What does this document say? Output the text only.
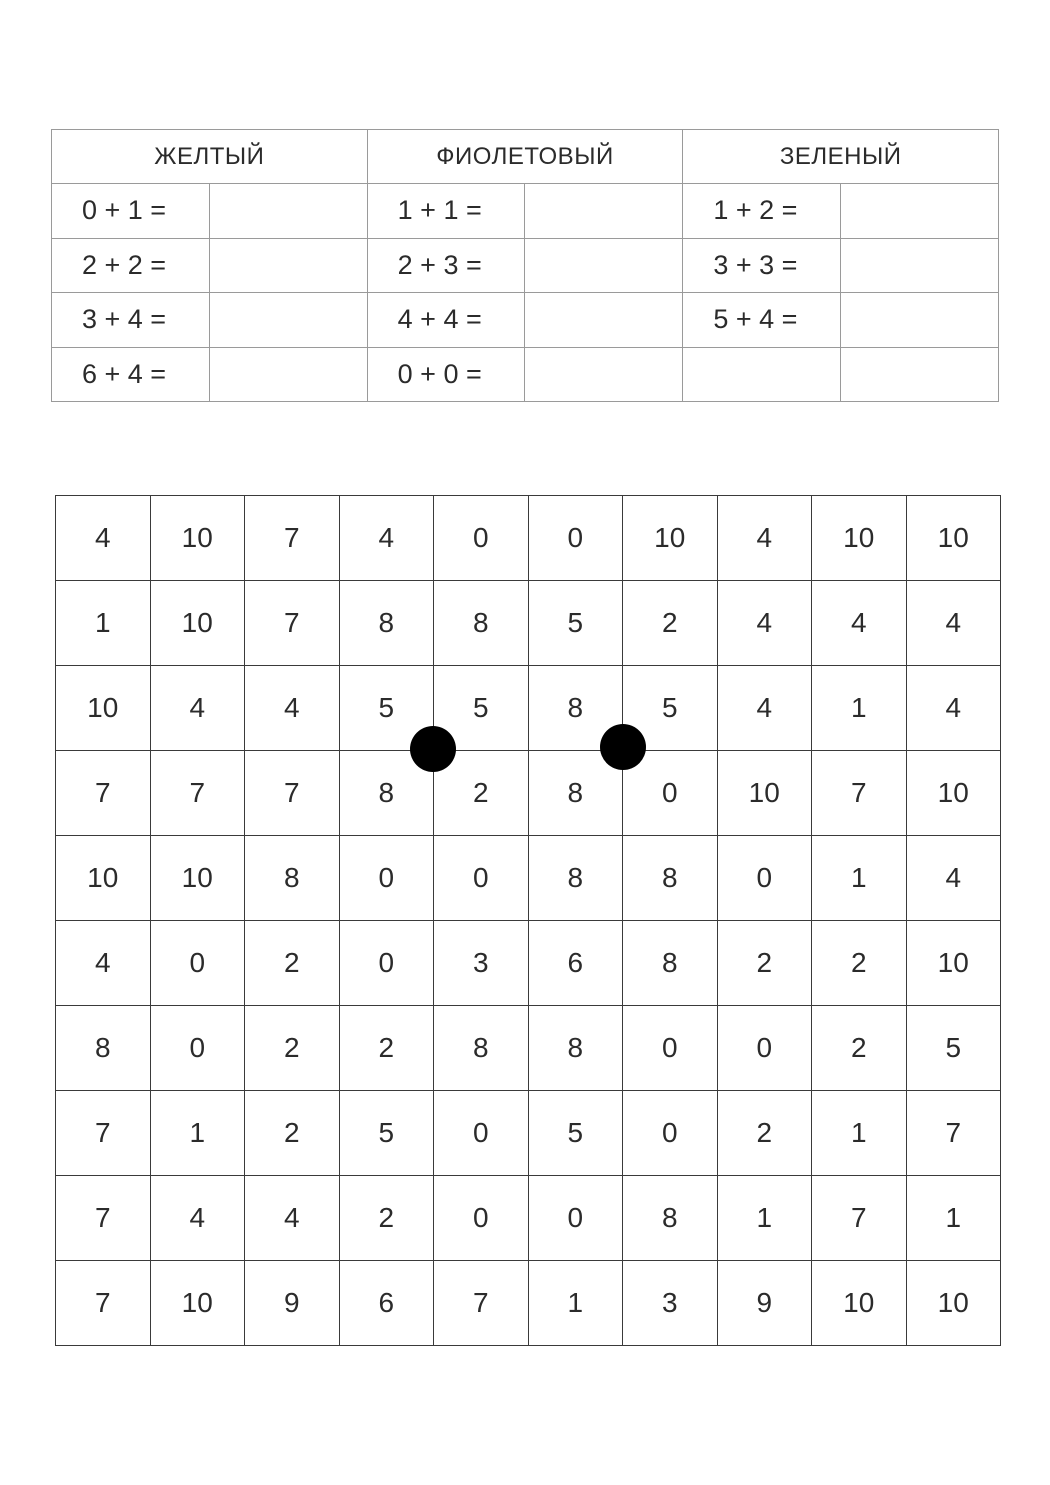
ЖЕЛТЫЙ		ФИОЛЕТОВЫЙ		ЗЕЛЕНЫЙ	
0 + 1 =		1 + 1 =		1 + 2 =	
2 + 2 =		2 + 3 =		3 + 3 =	
3 + 4 =		4 + 4 =		5 + 4 =	
6 + 4 =		0 + 0 =			
4	10	7	4	0	0	10	4	10	10
1	10	7	8	8	5	2	4	4	4
10	4	4	5	5	8	5	4	1	4
7	7	7	8	2	8	0	10	7	10
10	10	8	0	0	8	8	0	1	4
4	0	2	0	3	6	8	2	2	10
8	0	2	2	8	8	0	0	2	5
7	1	2	5	0	5	0	2	1	7
7	4	4	2	0	0	8	1	7	1
7	10	9	6	7	1	3	9	10	10
